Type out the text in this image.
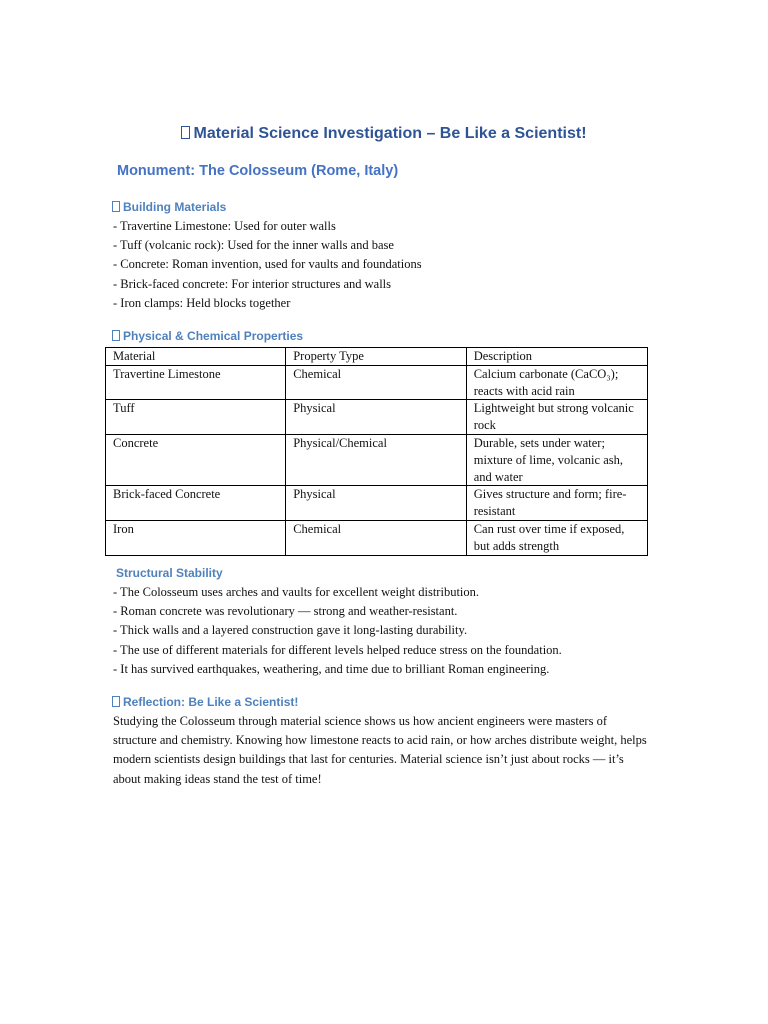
Material Science Investigation – Be Like a Scientist!
Monument: The Colosseum (Rome, Italy)
Building Materials
- Travertine Limestone: Used for outer walls
- Tuff (volcanic rock): Used for the inner walls and base
- Concrete: Roman invention, used for vaults and foundations
- Brick-faced concrete: For interior structures and walls
- Iron clamps: Held blocks together
Physical & Chemical Properties
Material	Property Type	Description
Travertine Limestone	Chemical	Calcium carbonate (CaCO₃); reacts with acid rain
Tuff	Physical	Lightweight but strong volcanic rock
Concrete	Physical/Chemical	Durable, sets under water; mixture of lime, volcanic ash, and water
Brick-faced Concrete	Physical	Gives structure and form; fire-resistant
Iron	Chemical	Can rust over time if exposed, but adds strength
Structural Stability
- The Colosseum uses arches and vaults for excellent weight distribution.
- Roman concrete was revolutionary — strong and weather-resistant.
- Thick walls and a layered construction gave it long-lasting durability.
- The use of different materials for different levels helped reduce stress on the foundation.
- It has survived earthquakes, weathering, and time due to brilliant Roman engineering.
Reflection: Be Like a Scientist!
Studying the Colosseum through material science shows us how ancient engineers were masters of structure and chemistry. Knowing how limestone reacts to acid rain, or how arches distribute weight, helps modern scientists design buildings that last for centuries. Material science isn’t just about rocks — it’s about making ideas stand the test of time!
